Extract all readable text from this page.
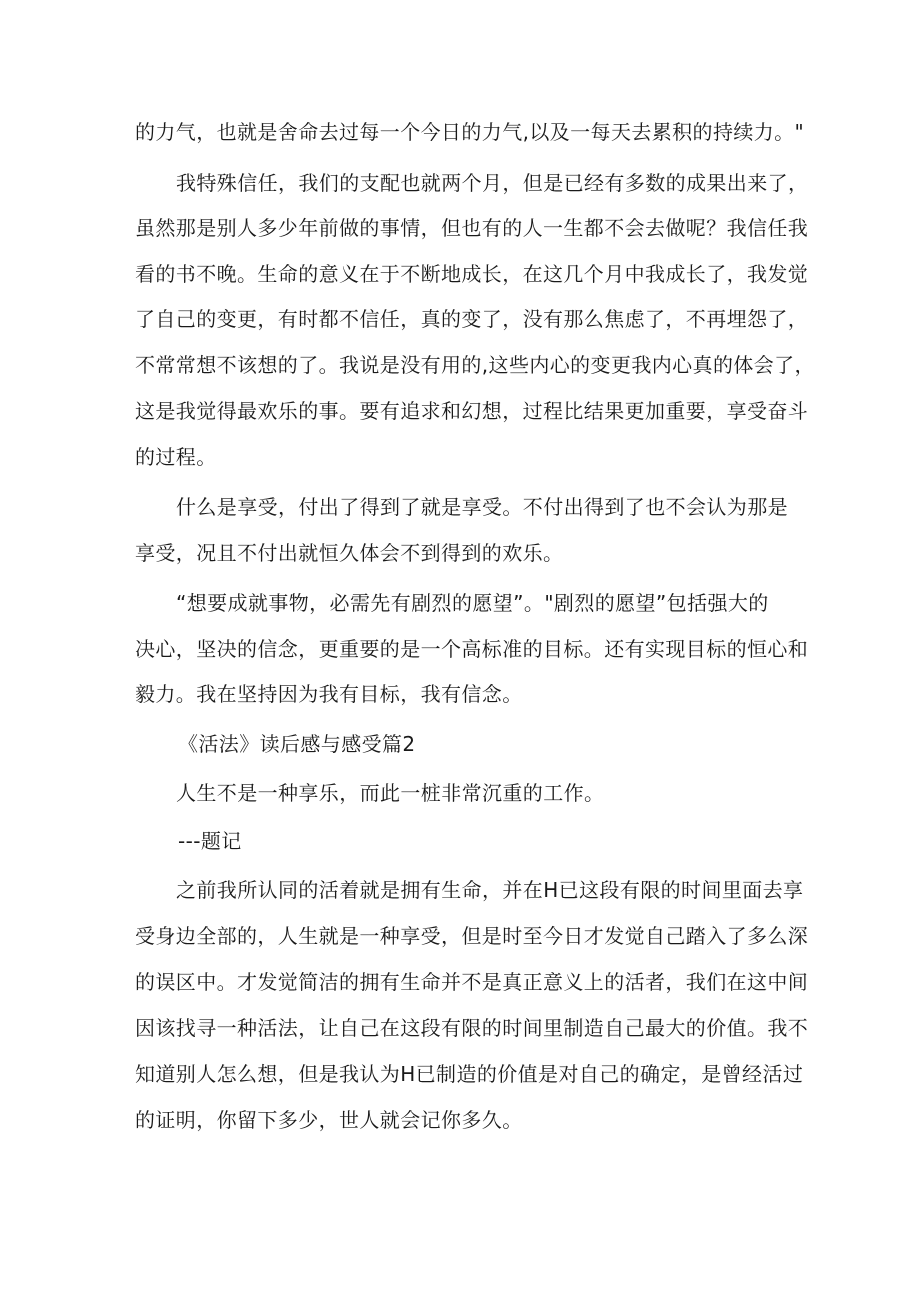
的力气，也就是舍命去过每一个今日的力气,以及一每天去累积的持续力。"
我特殊信任，我们的支配也就两个月，但是已经有多数的成果出来了，
虽然那是别人多少年前做的事情，但也有的人一生都不会去做呢？我信任我
看的书不晚。生命的意义在于不断地成长，在这几个月中我成长了，我发觉
了自己的变更，有时都不信任，真的变了，没有那么焦虑了，不再埋怨了，
不常常想不该想的了。我说是没有用的,这些内心的变更我内心真的体会了，
这是我觉得最欢乐的事。要有追求和幻想，过程比结果更加重要，享受奋斗
的过程。
什么是享受，付出了得到了就是享受。不付出得到了也不会认为那是
享受，况且不付出就恒久体会不到得到的欢乐。
“想要成就事物，必需先有剧烈的愿望”。"剧烈的愿望”包括强大的
决心，坚决的信念，更重要的是一个高标准的目标。还有实现目标的恒心和
毅力。我在坚持因为我有目标，我有信念。
《活法》读后感与感受篇2
人生不是一种享乐，而此一桩非常沉重的工作。
---题记
之前我所认同的活着就是拥有生命，并在H已这段有限的时间里面去享
受身边全部的，人生就是一种享受，但是时至今日才发觉自己踏入了多么深
的误区中。才发觉简洁的拥有生命并不是真正意义上的活者，我们在这中间
因该找寻一种活法，让自己在这段有限的时间里制造自己最大的价值。我不
知道别人怎么想，但是我认为H已制造的价值是对自己的确定，是曾经活过
的证明，你留下多少，世人就会记你多久。
